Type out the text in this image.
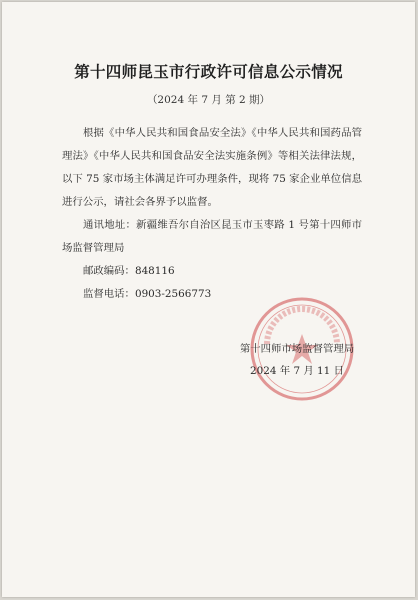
第十四师昆玉市行政许可信息公示情况
（2024 年 7 月 第 2 期）

根据《中华人民共和国食品安全法》《中华人民共和国药品管理法》《中华人民共和国食品安全法实施条例》等相关法律法规，以下 75 家市场主体满足许可办理条件，现将 75 家企业单位信息进行公示，请社会各界予以监督。

通讯地址：新疆维吾尔自治区昆玉市玉枣路 1 号第十四师市场监督管理局

邮政编码：848116

监督电话：0903-2566773

第十四师市场监督管理局
2024 年 7 月 11 日
